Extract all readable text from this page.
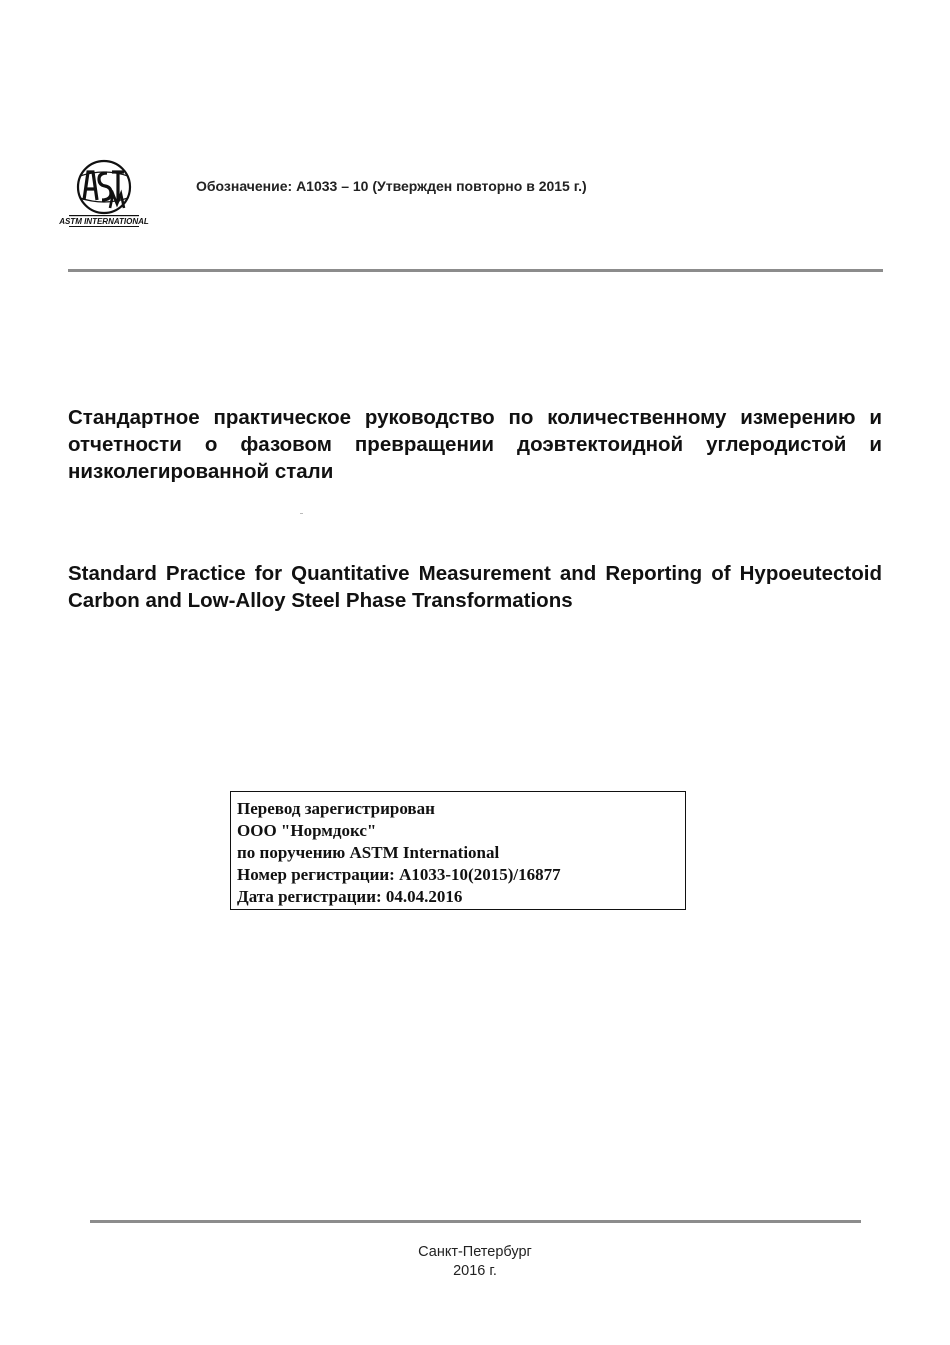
ASTM INTERNATIONAL
Обозначение: A1033 – 10 (Утвержден повторно в 2015 г.)
Стандартное практическое руководство по количественному измерению и отчетности о фазовом превращении доэвтектоидной углеродистой и низколегированной стали
Standard Practice for Quantitative Measurement and Reporting of Hypoeutectoid Carbon and Low-Alloy Steel Phase Transformations
Перевод зарегистрирован
ООО "Нормдокс"
по поручению ASTM International
Номер регистрации: A1033-10(2015)/16877
Дата регистрации: 04.04.2016
Санкт-Петербург
2016 г.
